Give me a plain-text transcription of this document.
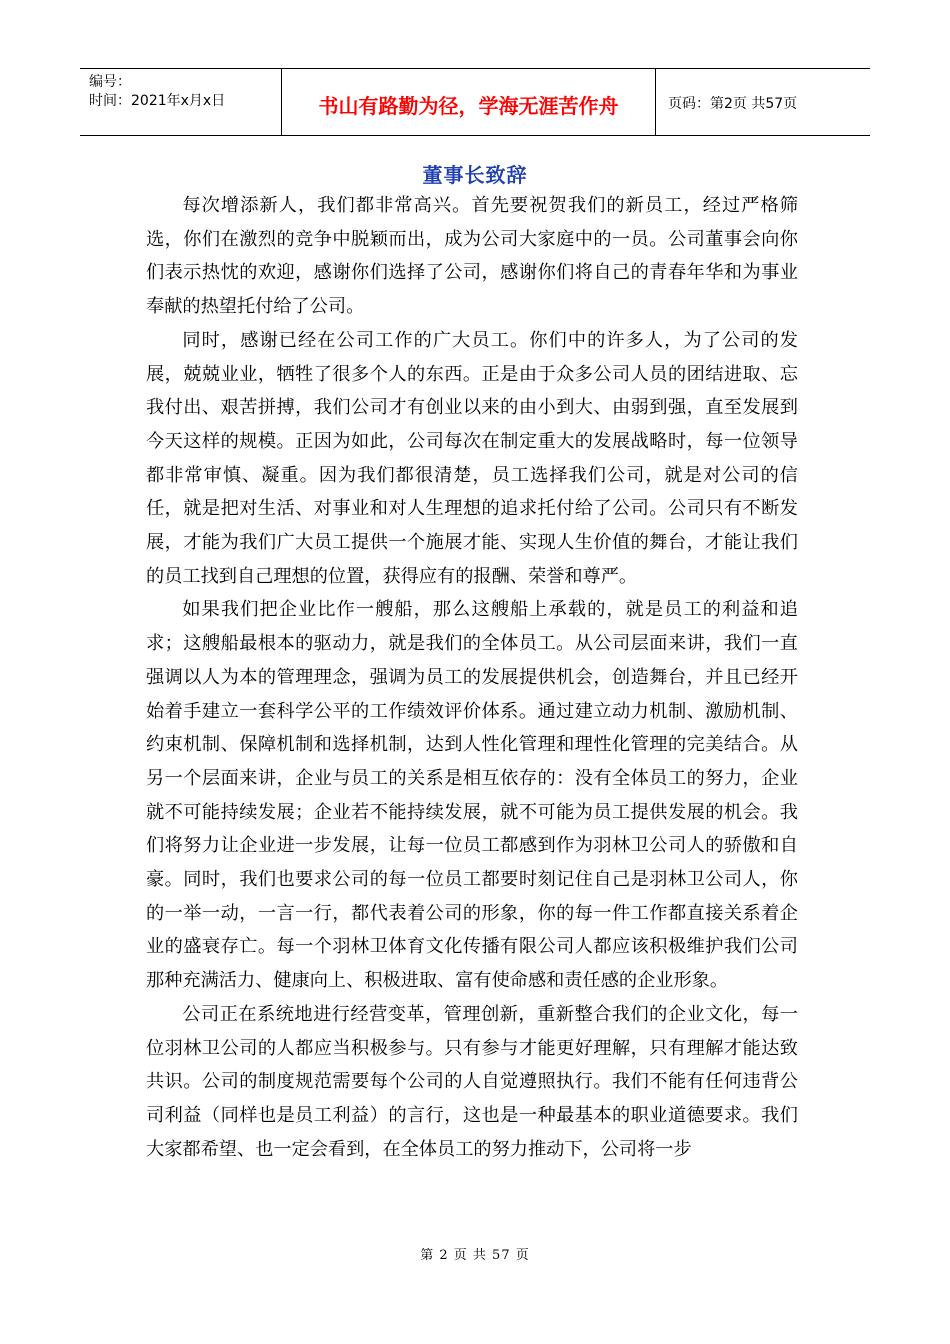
编号：
时间：2021年x月x日	书山有路勤为径，学海无涯苦作舟	页码：第2页 共57页
董事长致辞

每次增添新人，我们都非常高兴。首先要祝贺我们的新员工，经过严格筛选，你们在激烈的竞争中脱颖而出，成为公司大家庭中的一员。公司董事会向你们表示热忱的欢迎，感谢你们选择了公司，感谢你们将自己的青春年华和为事业奉献的热望托付给了公司。

同时，感谢已经在公司工作的广大员工。你们中的许多人，为了公司的发展，兢兢业业，牺牲了很多个人的东西。正是由于众多公司人员的团结进取、忘我付出、艰苦拼搏，我们公司才有创业以来的由小到大、由弱到强，直至发展到今天这样的规模。正因为如此，公司每次在制定重大的发展战略时，每一位领导都非常审慎、凝重。因为我们都很清楚，员工选择我们公司，就是对公司的信任，就是把对生活、对事业和对人生理想的追求托付给了公司。公司只有不断发展，才能为我们广大员工提供一个施展才能、实现人生价值的舞台，才能让我们的员工找到自己理想的位置，获得应有的报酬、荣誉和尊严。

如果我们把企业比作一艘船，那么这艘船上承载的，就是员工的利益和追求；这艘船最根本的驱动力，就是我们的全体员工。从公司层面来讲，我们一直强调以人为本的管理理念，强调为员工的发展提供机会，创造舞台，并且已经开始着手建立一套科学公平的工作绩效评价体系。通过建立动力机制、激励机制、约束机制、保障机制和选择机制，达到人性化管理和理性化管理的完美结合。从另一个层面来讲，企业与员工的关系是相互依存的：没有全体员工的努力，企业就不可能持续发展；企业若不能持续发展，就不可能为员工提供发展的机会。我们将努力让企业进一步发展，让每一位员工都感到作为羽林卫公司人的骄傲和自豪。同时，我们也要求公司的每一位员工都要时刻记住自己是羽林卫公司人，你的一举一动，一言一行，都代表着公司的形象，你的每一件工作都直接关系着企业的盛衰存亡。每一个羽林卫体育文化传播有限公司人都应该积极维护我们公司那种充满活力、健康向上、积极进取、富有使命感和责任感的企业形象。

公司正在系统地进行经营变革，管理创新，重新整合我们的企业文化，每一位羽林卫公司的人都应当积极参与。只有参与才能更好理解，只有理解才能达致共识。公司的制度规范需要每个公司的人自觉遵照执行。我们不能有任何违背公司利益（同样也是员工利益）的言行，这也是一种最基本的职业道德要求。我们大家都希望、也一定会看到，在全体员工的努力推动下，公司将一步

第 2 页 共 57 页
